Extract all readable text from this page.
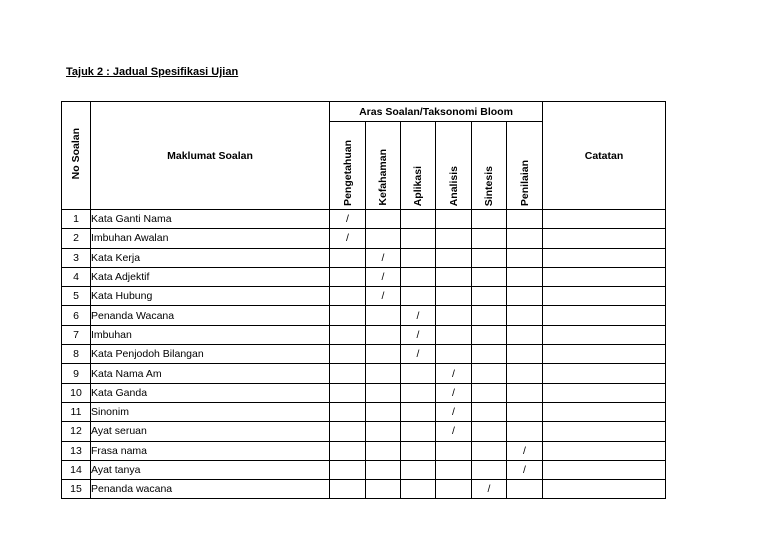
Tajuk 2 : Jadual Spesifikasi Ujian
No Soalan	Maklumat Soalan	Aras Soalan/Taksonomi Bloom						Catatan
		Pengetahuan	Kefahaman	Aplikasi	Analisis	Sintesis	Penilaian	
1	Kata Ganti Nama	/						
2	Imbuhan Awalan	/						
3	Kata Kerja		/					
4	Kata Adjektif		/					
5	Kata Hubung		/					
6	Penanda Wacana			/				
7	Imbuhan			/				
8	Kata Penjodoh Bilangan			/				
9	Kata Nama Am				/			
10	Kata Ganda				/			
11	Sinonim				/			
12	Ayat seruan				/			
13	Frasa nama						/	
14	Ayat tanya						/	
15	Penanda wacana					/		
